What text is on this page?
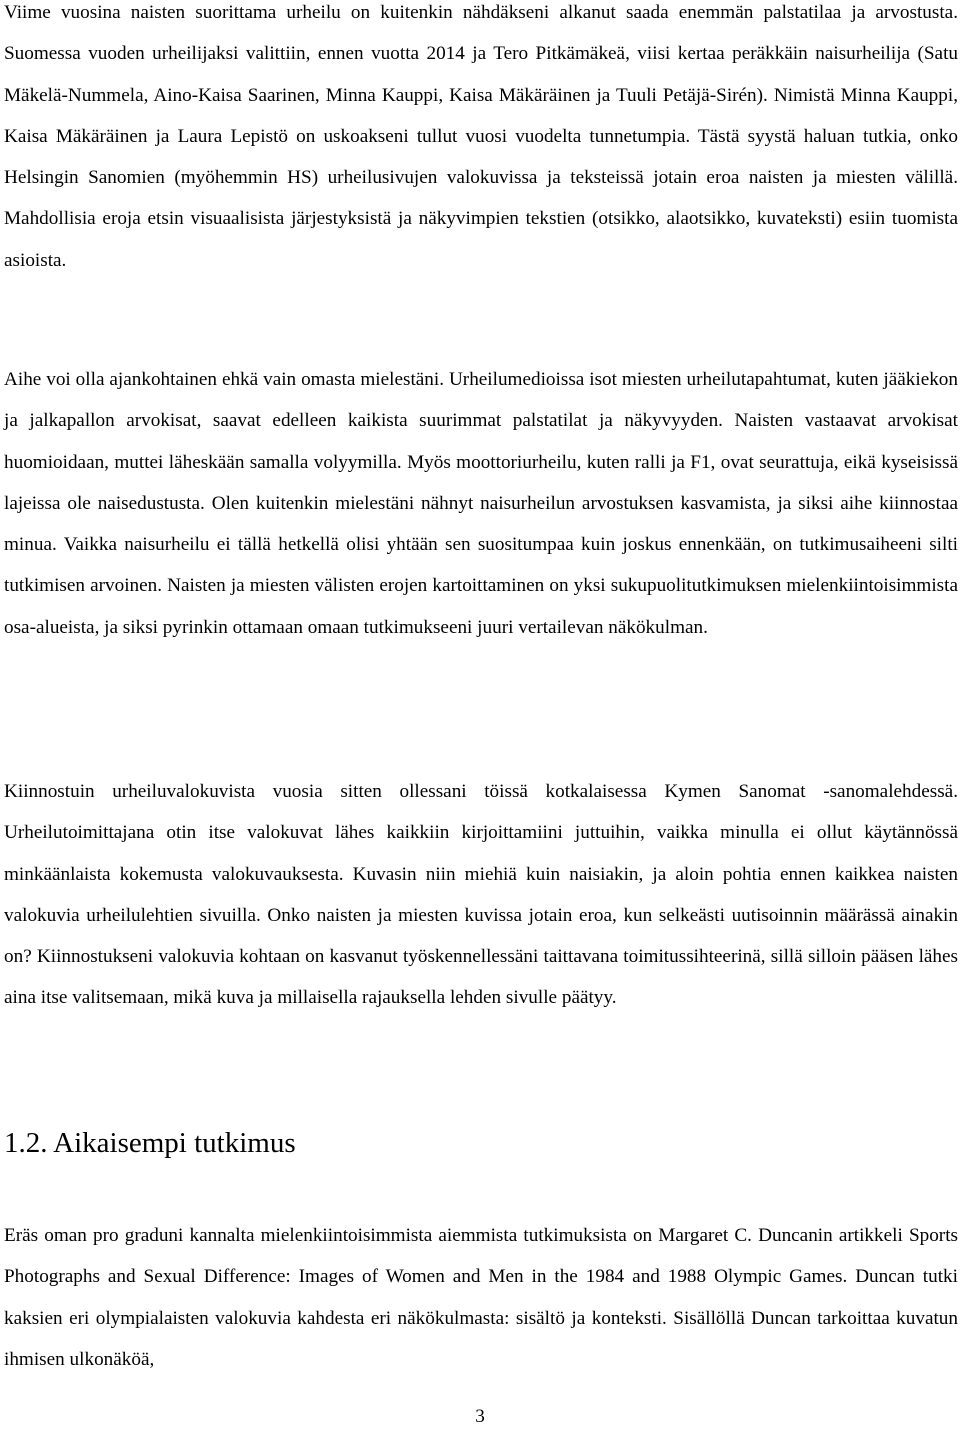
Viime vuosina naisten suorittama urheilu on kuitenkin nähdäkseni alkanut saada enemmän palstatilaa ja arvostusta. Suomessa vuoden urheilijaksi valittiin, ennen vuotta 2014 ja Tero Pitkämäkeä, viisi kertaa peräkkäin naisurheilija (Satu Mäkelä-Nummela, Aino-Kaisa Saarinen, Minna Kauppi, Kaisa Mäkäräinen ja Tuuli Petäjä-Sirén). Nimistä Minna Kauppi, Kaisa Mäkäräinen ja Laura Lepistö on uskoakseni tullut vuosi vuodelta tunnetumpia. Tästä syystä haluan tutkia, onko Helsingin Sanomien (myöhemmin HS) urheilusivujen valokuvissa ja teksteissä jotain eroa naisten ja miesten välillä. Mahdollisia eroja etsin visuaalisista järjestyksistä ja näkyvimpien tekstien (otsikko, alaotsikko, kuvateksti) esiin tuomista asioista.

Aihe voi olla ajankohtainen ehkä vain omasta mielestäni. Urheilumedioissa isot miesten urheilutapahtumat, kuten jääkiekon ja jalkapallon arvokisat, saavat edelleen kaikista suurimmat palstatilat ja näkyvyyden. Naisten vastaavat arvokisat huomioidaan, muttei läheskään samalla volyymilla. Myös moottoriurheilu, kuten ralli ja F1, ovat seurattuja, eikä kyseisissä lajeissa ole naisedustusta. Olen kuitenkin mielestäni nähnyt naisurheilun arvostuksen kasvamista, ja siksi aihe kiinnostaa minua. Vaikka naisurheilu ei tällä hetkellä olisi yhtään sen suositumpaa kuin joskus ennenkään, on tutkimusaiheeni silti tutkimisen arvoinen. Naisten ja miesten välisten erojen kartoittaminen on yksi sukupuolitutkimuksen mielenkiintoisimmista osa-alueista, ja siksi pyrinkin ottamaan omaan tutkimukseeni juuri vertailevan näkökulman.

Kiinnostuin urheiluvalokuvista vuosia sitten ollessani töissä kotkalaisessa Kymen Sanomat -sanomalehdessä. Urheilutoimittajana otin itse valokuvat lähes kaikkiin kirjoittamiini juttuihin, vaikka minulla ei ollut käytännössä minkäänlaista kokemusta valokuvauksesta. Kuvasin niin miehiä kuin naisiakin, ja aloin pohtia ennen kaikkea naisten valokuvia urheilulehtien sivuilla. Onko naisten ja miesten kuvissa jotain eroa, kun selkeästi uutisoinnin määrässä ainakin on? Kiinnostukseni valokuvia kohtaan on kasvanut työskennellessäni taittavana toimitussihteerinä, sillä silloin pääsen lähes aina itse valitsemaan, mikä kuva ja millaisella rajauksella lehden sivulle päätyy.

1.2. Aikaisempi tutkimus

Eräs oman pro graduni kannalta mielenkiintoisimmista aiemmista tutkimuksista on Margaret C. Duncanin artikkeli Sports Photographs and Sexual Difference: Images of Women and Men in the 1984 and 1988 Olympic Games. Duncan tutki kaksien eri olympialaisten valokuvia kahdesta eri näkökulmasta: sisältö ja konteksti. Sisällöllä Duncan tarkoittaa kuvatun ihmisen ulkonäköä,

3
